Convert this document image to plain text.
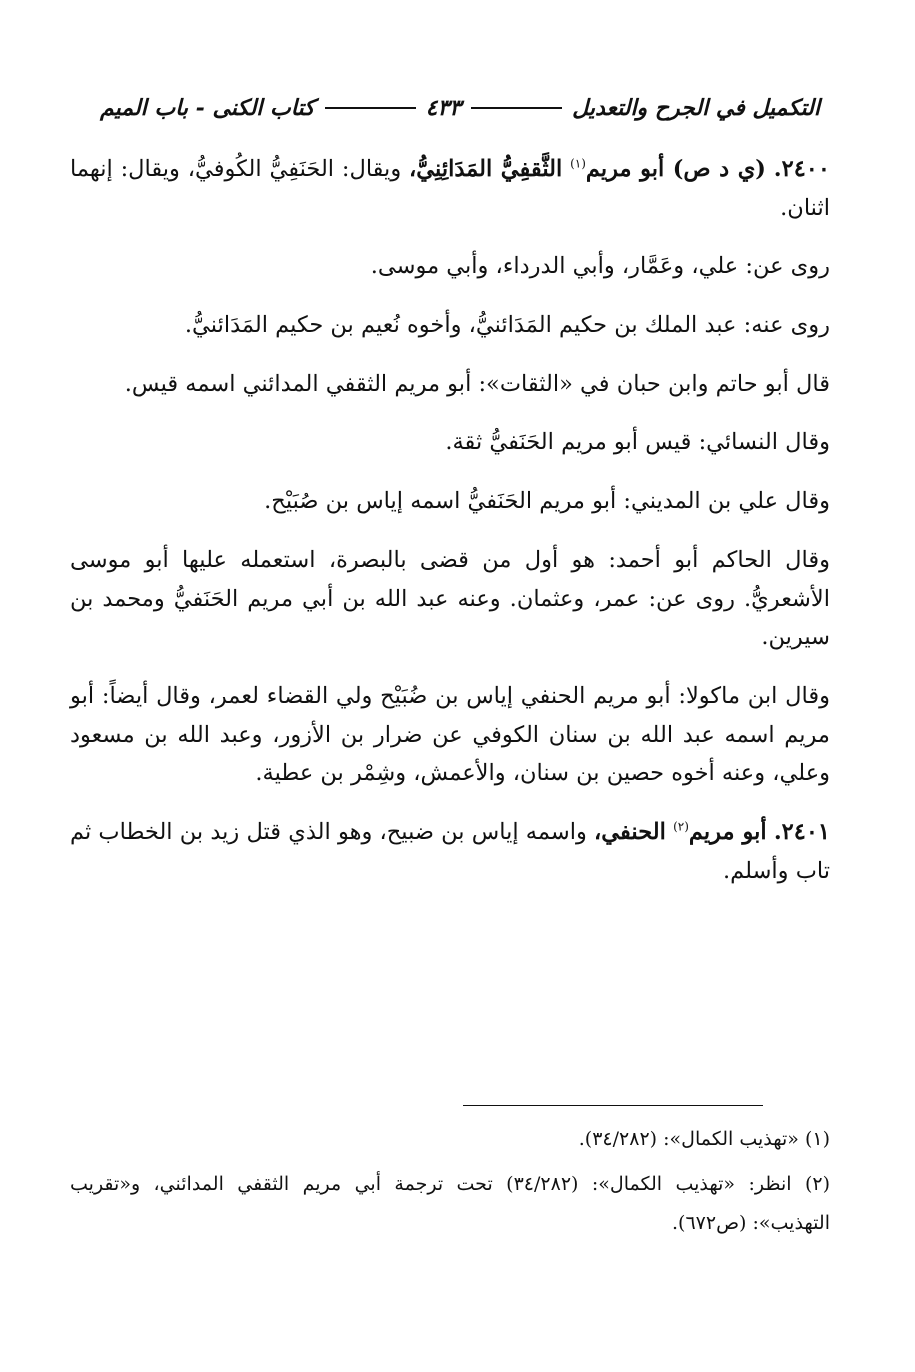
التكميل في الجرح والتعديل
٤٣٣
كتاب الكنى - باب الميم

٢٤٠٠. (ي د ص) أبو مريم$^{(١)}$ الثَّقفِيُّ المَدَائِنِيُّ، ويقال: الحَنَفِيُّ الكُوفيُّ، ويقال: إنهما اثنان.

روى عن: علي، وعَمَّار، وأبي الدرداء، وأبي موسى.

روى عنه: عبد الملك بن حكيم المَدَائنيُّ، وأخوه نُعيم بن حكيم المَدَائنيُّ.

قال أبو حاتم وابن حبان في «الثقات»: أبو مريم الثقفي المدائني اسمه قيس.

وقال النسائي: قيس أبو مريم الحَنَفيُّ ثقة.

وقال علي بن المديني: أبو مريم الحَنَفيُّ اسمه إياس بن صُبَيْح.

وقال الحاكم أبو أحمد: هو أول من قضى بالبصرة، استعمله عليها أبو موسى الأشعريُّ. روى عن: عمر، وعثمان. وعنه عبد الله بن أبي مريم الحَنَفيُّ ومحمد بن سيرين.

وقال ابن ماكولا: أبو مريم الحنفي إياس بن ضُبَيْح ولي القضاء لعمر، وقال أيضاً: أبو مريم اسمه عبد الله بن سنان الكوفي عن ضرار بن الأزور، وعبد الله بن مسعود وعلي، وعنه أخوه حصين بن سنان، والأعمش، وشِمْر بن عطية.

٢٤٠١. أبو مريم$^{(٢)}$ الحنفي، واسمه إياس بن ضبيح، وهو الذي قتل زيد بن الخطاب ثم تاب وأسلم.

(١) «تهذيب الكمال»: (٣٤/٢٨٢).

(٢) انظر: «تهذيب الكمال»: (٣٤/٢٨٢) تحت ترجمة أبي مريم الثقفي المدائني، و«تقريب التهذيب»: (ص٦٧٢).
